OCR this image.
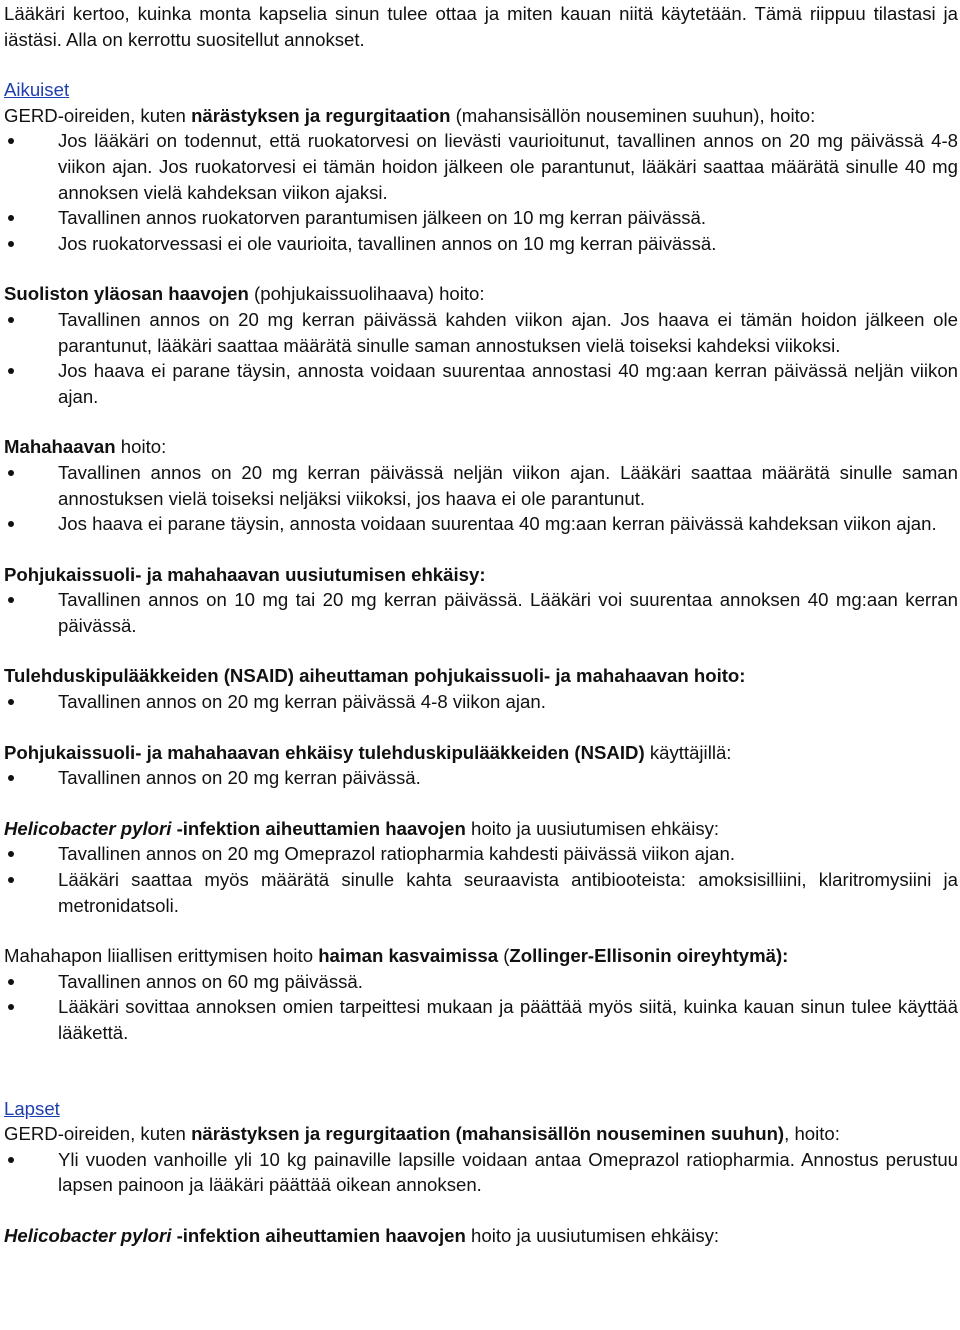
Lääkäri kertoo, kuinka monta kapselia sinun tulee ottaa ja miten kauan niitä käytetään. Tämä riippuu tilastasi ja iästäsi. Alla on kerrottu suositellut annokset.

Aikuiset

GERD-oireiden, kuten närästyksen ja regurgitaation (mahansisällön nouseminen suuhun), hoito:

Jos lääkäri on todennut, että ruokatorvesi on lievästi vaurioitunut, tavallinen annos on 20 mg päivässä 4-8 viikon ajan. Jos ruokatorvesi ei tämän hoidon jälkeen ole parantunut, lääkäri saattaa määrätä sinulle 40 mg annoksen vielä kahdeksan viikon ajaksi.
Tavallinen annos ruokatorven parantumisen jälkeen on 10 mg kerran päivässä.
Jos ruokatorvessasi ei ole vaurioita, tavallinen annos on 10 mg kerran päivässä.

Suoliston yläosan haavojen (pohjukaissuolihaava) hoito:

Tavallinen annos on 20 mg kerran päivässä kahden viikon ajan. Jos haava ei tämän hoidon jälkeen ole parantunut, lääkäri saattaa määrätä sinulle saman annostuksen vielä toiseksi kahdeksi viikoksi.
Jos haava ei parane täysin, annosta voidaan suurentaa annostasi 40 mg:aan kerran päivässä neljän viikon ajan.

Mahahaavan hoito:

Tavallinen annos on 20 mg kerran päivässä neljän viikon ajan. Lääkäri saattaa määrätä sinulle saman annostuksen vielä toiseksi neljäksi viikoksi, jos haava ei ole parantunut.
Jos haava ei parane täysin, annosta voidaan suurentaa 40 mg:aan kerran päivässä kahdeksan viikon ajan.

Pohjukaissuoli- ja mahahaavan uusiutumisen ehkäisy:

Tavallinen annos on 10 mg tai 20 mg kerran päivässä. Lääkäri voi suurentaa annoksen 40 mg:aan kerran päivässä.

Tulehduskipulääkkeiden (NSAID) aiheuttaman pohjukaissuoli- ja mahahaavan hoito:

Tavallinen annos on 20 mg kerran päivässä 4-8 viikon ajan.

Pohjukaissuoli- ja mahahaavan ehkäisy tulehduskipulääkkeiden (NSAID) käyttäjillä:

Tavallinen annos on 20 mg kerran päivässä.

Helicobacter pylori -infektion aiheuttamien haavojen hoito ja uusiutumisen ehkäisy:

Tavallinen annos on 20 mg Omeprazol ratiopharmia kahdesti päivässä viikon ajan.
Lääkäri saattaa myös määrätä sinulle kahta seuraavista antibiooteista: amoksisilliini, klaritromysiini ja metronidatsoli.

Mahahapon liiallisen erittymisen hoito haiman kasvaimissa (Zollinger-Ellisonin oireyhtymä):

Tavallinen annos on 60 mg päivässä.
Lääkäri sovittaa annoksen omien tarpeittesi mukaan ja päättää myös siitä, kuinka kauan sinun tulee käyttää lääkettä.

Lapset

GERD-oireiden, kuten närästyksen ja regurgitaation (mahansisällön nouseminen suuhun), hoito:

Yli vuoden vanhoille yli 10 kg painaville lapsille voidaan antaa Omeprazol ratiopharmia. Annostus perustuu lapsen painoon ja lääkäri päättää oikean annoksen.

Helicobacter pylori -infektion aiheuttamien haavojen hoito ja uusiutumisen ehkäisy:
